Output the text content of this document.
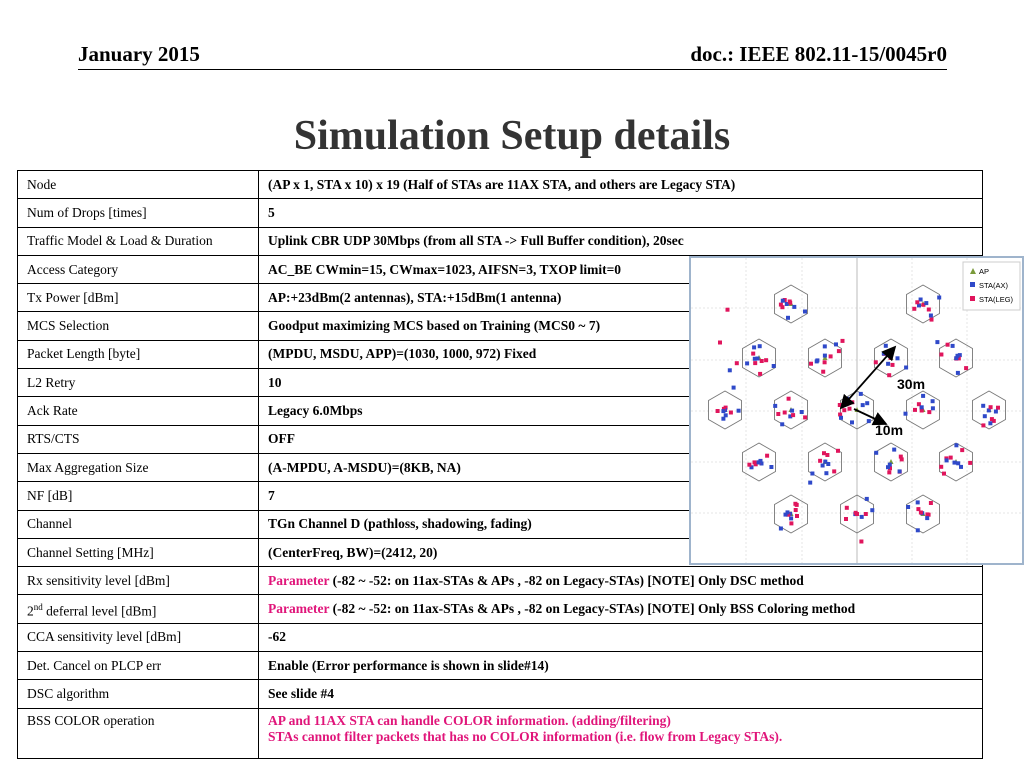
January 2015	doc.: IEEE 802.11-15/0045r0
Simulation Setup details
Node	(AP x 1, STA x 10) x 19 (Half of STAs are 11AX STA, and others are Legacy STA)
Num of Drops [times]	5
Traffic Model & Load & Duration	Uplink CBR UDP 30Mbps (from all STA -> Full Buffer condition), 20sec
Access Category	AC_BE CWmin=15, CWmax=1023, AIFSN=3, TXOP limit=0
Tx Power [dBm]	AP:+23dBm(2 antennas), STA:+15dBm(1 antenna)
MCS Selection	Goodput maximizing MCS based on Training (MCS0 ~ 7)
Packet Length [byte]	(MPDU, MSDU, APP)=(1030, 1000, 972) Fixed
L2 Retry	10
Ack Rate	Legacy 6.0Mbps
RTS/CTS	OFF
Max Aggregation Size	(A-MPDU, A-MSDU)=(8KB, NA)
NF [dB]	7
Channel	TGn Channel D (pathloss, shadowing, fading)
Channel Setting [MHz]	(CenterFreq, BW)=(2412, 20)
Rx sensitivity level [dBm]	Parameter (-82 ~ -52: on 11ax-STAs & APs , -82 on Legacy-STAs) [NOTE] Only DSC method
2nd deferral level [dBm]	Parameter (-82 ~ -52: on 11ax-STAs & APs , -82 on Legacy-STAs) [NOTE] Only BSS Coloring method
CCA sensitivity level [dBm]	-62
Det. Cancel on PLCP err	Enable (Error performance is shown in slide#14)
DSC algorithm	See slide #4
BSS COLOR operation	AP and 11AX STA can handle COLOR information. (adding/filtering)
STAs cannot filter packets that has no COLOR information (i.e. flow from Legacy STAs).
30m
10m
AP
STA(AX)
STA(LEG)
